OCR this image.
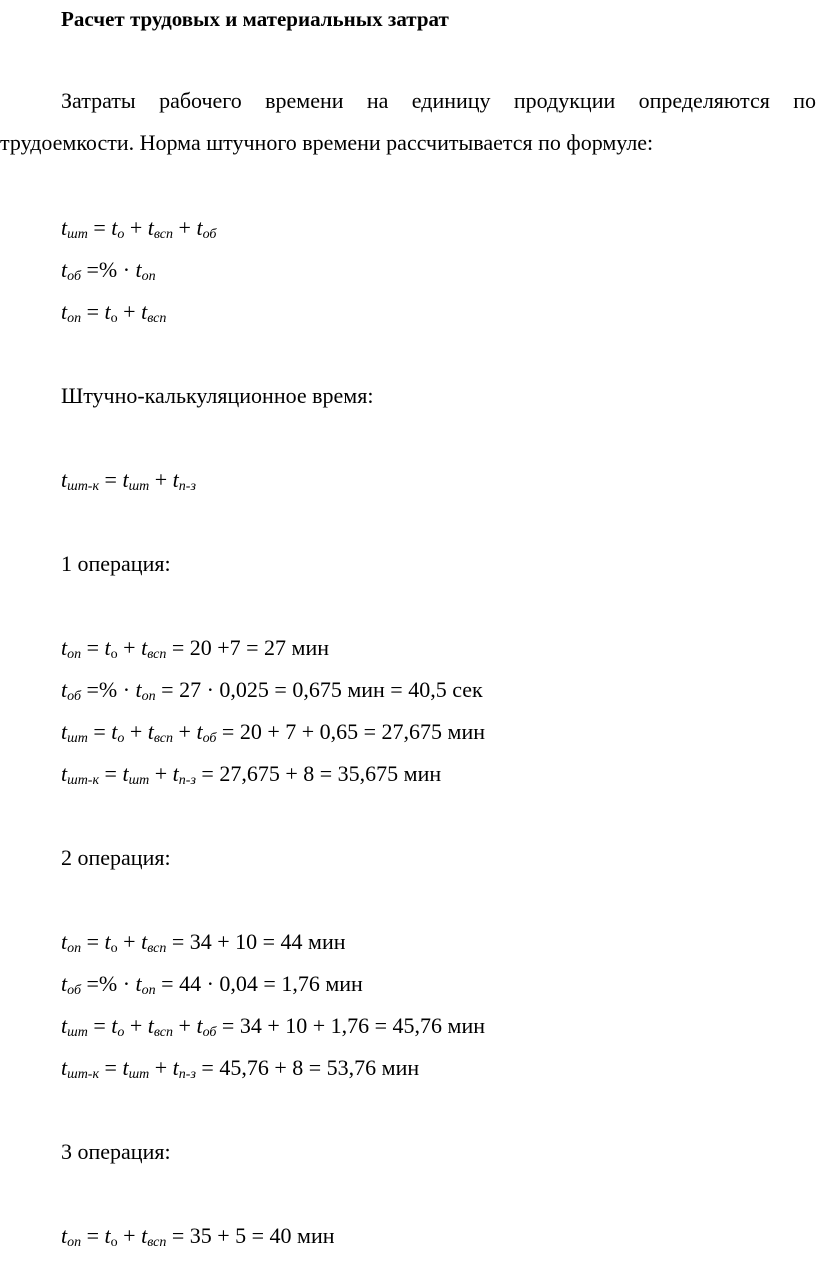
Расчет трудовых и материальных затрат
Затраты рабочего времени на единицу продукции определяются по
трудоемкости. Норма штучного времени рассчитывается по формуле:
$t_{шт} = t_о + t_{всп} + t_{об}$
$t_{об}$ =% · $t_{оп}$
$t_{оп} = t_о + t_{всп}$
Штучно-калькуляционное время:
$t_{шт-к} = t_{шт} + t_{п-з}$
1 операция:
$t_{оп} = t_о + t_{всп} = 20 +7 = 27$ мин
$t_{об}$ =% · $t_{оп} = 27 \cdot 0,025 = 0,675$ мин = 40,5 сек
$t_{шт} = t_о + t_{всп} + t_{об} = 20 + 7 + 0,65 = 27,675$ мин
$t_{шт-к} = t_{шт} + t_{п-з} = 27,675 + 8 = 35,675$ мин
2 операция:
$t_{оп} = t_о + t_{всп} = 34 + 10 = 44$ мин
$t_{об}$ =% · $t_{оп} = 44 \cdot 0,04 = 1,76$ мин
$t_{шт} = t_о + t_{всп} + t_{об} = 34 + 10 + 1,76 = 45,76$ мин
$t_{шт-к} = t_{шт} + t_{п-з} = 45,76 + 8 = 53,76$ мин
3 операция:
$t_{оп} = t_о + t_{всп} = 35 + 5 = 40$ мин
